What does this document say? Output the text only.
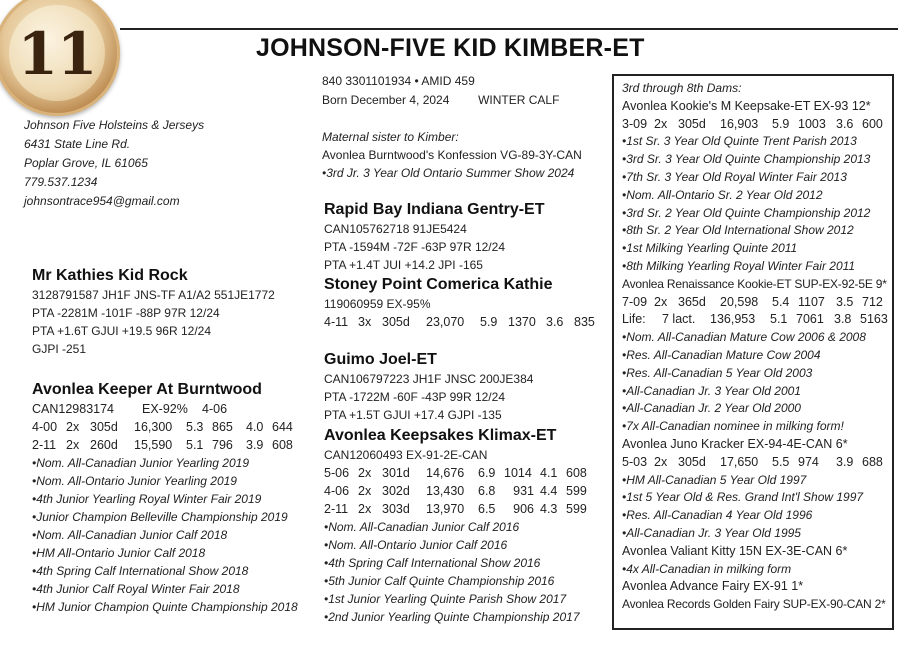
11	JOHNSON-FIVE KID KIMBER-ET
Johnson Five Holsteins & Jerseys
6431 State Line Rd.
Poplar Grove, IL 61065
779.537.1234
johnsontrace954@gmail.com
840 3301101934 • AMID 459
Born December 4, 2024 WINTER CALF
Maternal sister to Kimber:
Avonlea Burntwood's Konfession VG-89-3Y-CAN
•3rd Jr. 3 Year Old Ontario Summer Show 2024
Mr Kathies Kid Rock
3128791587 JH1F JNS-TF A1/A2 551JE1772
PTA -2281M -101F -88P 97R 12/24
PTA +1.6T GJUI +19.5 96R 12/24
GJPI -251
Avonlea Keeper At Burntwood
CAN12983174	EX-92%	4-06
4-00 2x 305d	16,300	5.3 865	4.0 644
2-11 2x 260d	15,590	5.1 796	3.9 608
•Nom. All-Canadian Junior Yearling 2019
•Nom. All-Ontario Junior Yearling 2019
•4th Junior Yearling Royal Winter Fair 2019
•Junior Champion Belleville Championship 2019
•Nom. All-Canadian Junior Calf 2018
•HM All-Ontario Junior Calf 2018
•4th Spring Calf International Show 2018
•4th Junior Calf Royal Winter Fair 2018
•HM Junior Champion Quinte Championship 2018
Rapid Bay Indiana Gentry-ET
CAN105762718 91JE5424
PTA -1594M -72F -63P 97R 12/24
PTA +1.4T JUI +14.2 JPI -165
Stoney Point Comerica Kathie
119060959 EX-95%
4-11 3x 305d	23,070	5.9 1370 3.6 835
Guimo Joel-ET
CAN106797223 JH1F JNSC 200JE384
PTA -1722M -60F -43P 99R 12/24
PTA +1.5T GJUI +17.4 GJPI -135
Avonlea Keepsakes Klimax-ET
CAN12060493 EX-91-2E-CAN
5-06 2x 301d	14,676	6.9 1014 4.1 608
4-06 2x 302d	13,430	6.8	931 4.4 599
2-11 2x 303d	13,970	6.5	906 4.3 599
•Nom. All-Canadian Junior Calf 2016
•Nom. All-Ontario Junior Calf 2016
•4th Spring Calf International Show 2016
•5th Junior Calf Quinte Championship 2016
•1st Junior Yearling Quinte Parish Show 2017
•2nd Junior Yearling Quinte Championship 2017
3rd through 8th Dams:
Avonlea Kookie's M Keepsake-ET EX-93 12*
3-09 2x 305d	16,903	5.9 1003 3.6 600
•1st Sr. 3 Year Old Quinte Trent Parish 2013
•3rd Sr. 3 Year Old Quinte Championship 2013
•7th Sr. 3 Year Old Royal Winter Fair 2013
•Nom. All-Ontario Sr. 2 Year Old 2012
•3rd Sr. 2 Year Old Quinte Championship 2012
•8th Sr. 2 Year Old International Show 2012
•1st Milking Yearling Quinte 2011
•8th Milking Yearling Royal Winter Fair 2011
Avonlea Renaissance Kookie-ET SUP-EX-92-5E 9*
7-09 2x 365d	20,598	5.4 1107 3.5 712
Life:	7 lact.	136,953	5.1 7061 3.8 5163
•Nom. All-Canadian Mature Cow 2006 & 2008
•Res. All-Canadian Mature Cow 2004
•Res. All-Canadian 5 Year Old 2003
•All-Canadian Jr. 3 Year Old 2001
•All-Canadian Jr. 2 Year Old 2000
•7x All-Canadian nominee in milking form!
Avonlea Juno Kracker EX-94-4E-CAN 6*
5-03 2x 305d	17,650	5.5 974	3.9 688
•HM All-Canadian 5 Year Old 1997
•1st 5 Year Old & Res. Grand Int'l Show 1997
•Res. All-Canadian 4 Year Old 1996
•All-Canadian Jr. 3 Year Old 1995
Avonlea Valiant Kitty 15N EX-3E-CAN 6*
•4x All-Canadian in milking form
Avonlea Advance Fairy EX-91 1*
Avonlea Records Golden Fairy SUP-EX-90-CAN 2*
